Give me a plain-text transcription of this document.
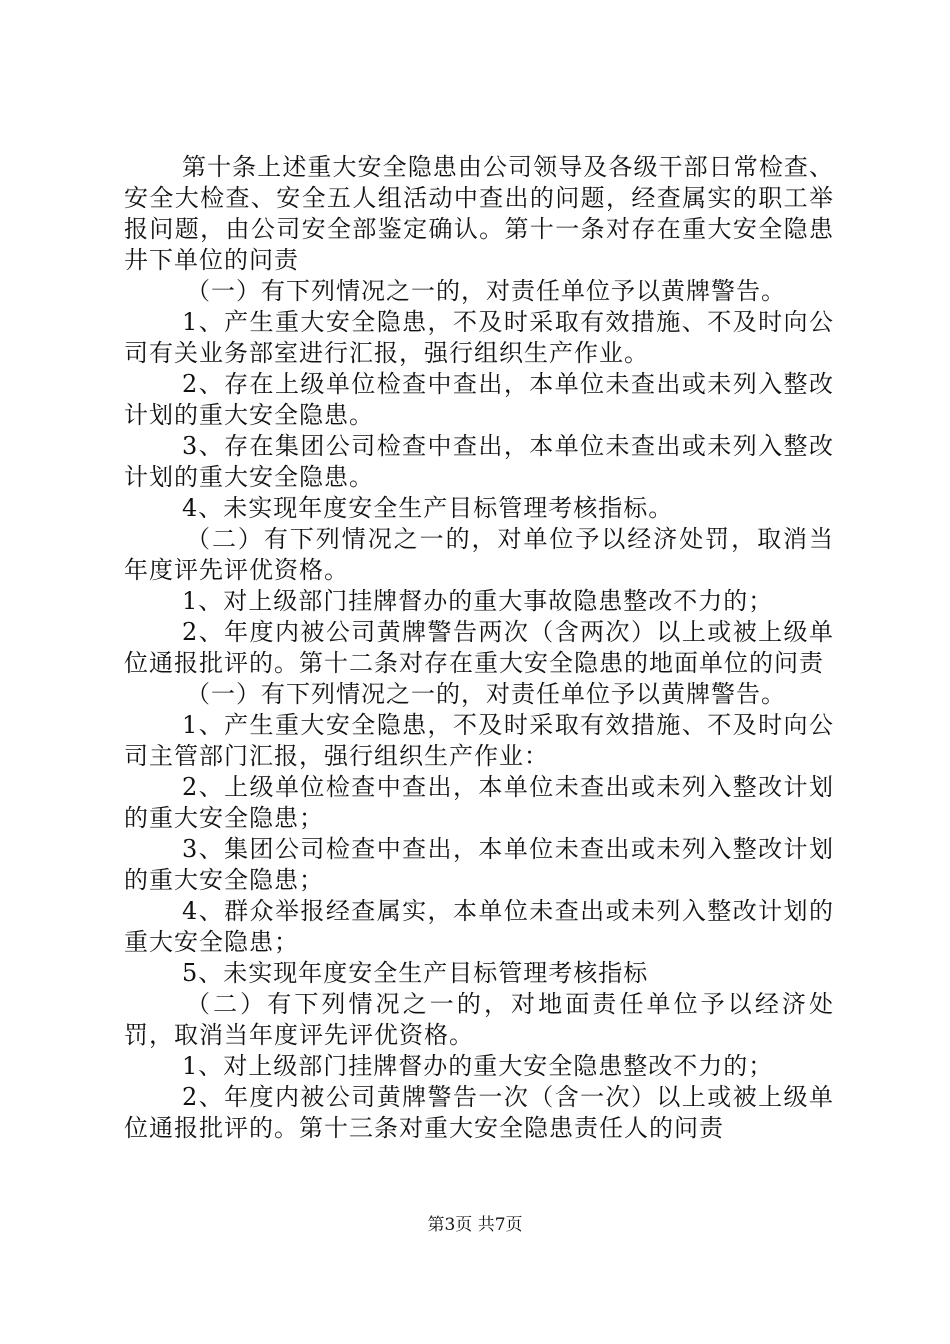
第十条上述重大安全隐患由公司领导及各级干部日常检查、安全大检查、安全五人组活动中查出的问题，经查属实的职工举报问题，由公司安全部鉴定确认。第十一条对存在重大安全隐患井下单位的问责

（一）有下列情况之一的，对责任单位予以黄牌警告。

1、产生重大安全隐患，不及时采取有效措施、不及时向公司有关业务部室进行汇报，强行组织生产作业。

2、存在上级单位检查中查出，本单位未查出或未列入整改计划的重大安全隐患。

3、存在集团公司检查中查出，本单位未查出或未列入整改计划的重大安全隐患。

4、未实现年度安全生产目标管理考核指标。

（二）有下列情况之一的，对单位予以经济处罚，取消当年度评先评优资格。

1、对上级部门挂牌督办的重大事故隐患整改不力的；

2、年度内被公司黄牌警告两次（含两次）以上或被上级单位通报批评的。第十二条对存在重大安全隐患的地面单位的问责

（一）有下列情况之一的，对责任单位予以黄牌警告。

1、产生重大安全隐患，不及时采取有效措施、不及时向公司主管部门汇报，强行组织生产作业：

2、上级单位检查中查出，本单位未查出或未列入整改计划的重大安全隐患；

3、集团公司检查中查出，本单位未查出或未列入整改计划的重大安全隐患；

4、群众举报经查属实，本单位未查出或未列入整改计划的重大安全隐患；

5、未实现年度安全生产目标管理考核指标

（二）有下列情况之一的，对地面责任单位予以经济处罚，取消当年度评先评优资格。

1、对上级部门挂牌督办的重大安全隐患整改不力的；

2、年度内被公司黄牌警告一次（含一次）以上或被上级单位通报批评的。第十三条对重大安全隐患责任人的问责

第3页 共7页
